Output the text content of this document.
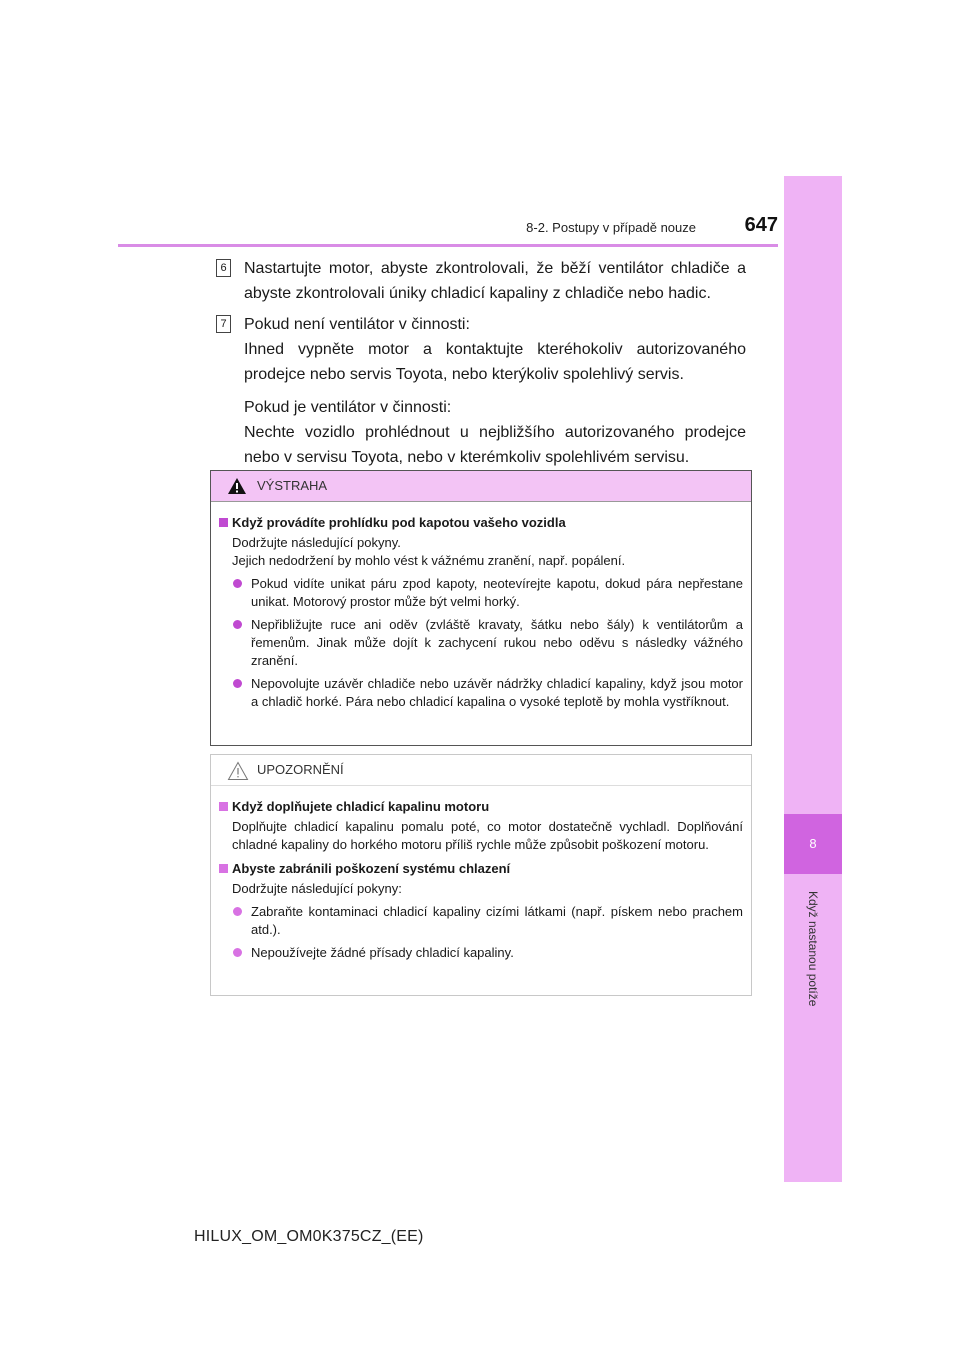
8-2. Postupy v případě nouze 647
8
Když nastanou potíže
6 Nastartujte motor, abyste zkontrolovali, že běží ventilátor chladiče a abyste zkontrolovali úniky chladicí kapaliny z chladiče nebo hadic.

7 Pokud není ventilátor v činnosti:

Ihned vypněte motor a kontaktujte kteréhokoliv autorizovaného prodejce nebo servis Toyota, nebo kterýkoliv spolehlivý servis.

Pokud je ventilátor v činnosti:

Nechte vozidlo prohlédnout u nejbližšího autorizovaného prodejce nebo v servisu Toyota, nebo v kterémkoliv spolehlivém servisu.

VÝSTRAHA
Když provádíte prohlídku pod kapotou vašeho vozidla
Dodržujte následující pokyny.
Jejich nedodržení by mohlo vést k vážnému zranění, např. popálení.
Pokud vidíte unikat páru zpod kapoty, neotevírejte kapotu, dokud pára nepřestane unikat. Motorový prostor může být velmi horký.
Nepřibližujte ruce ani oděv (zvláště kravaty, šátku nebo šály) k ventilátorům a řemenům. Jinak může dojít k zachycení rukou nebo oděvu s následky vážného zranění.
Nepovolujte uzávěr chladiče nebo uzávěr nádržky chladicí kapaliny, když jsou motor a chladič horké. Pára nebo chladicí kapalina o vysoké teplotě by mohla vystříknout.
UPOZORNĚNÍ
Když doplňujete chladicí kapalinu motoru
Doplňujte chladicí kapalinu pomalu poté, co motor dostatečně vychladl. Doplňování chladné kapaliny do horkého motoru příliš rychle může způsobit poškození motoru.
Abyste zabránili poškození systému chlazení
Dodržujte následující pokyny:
Zabraňte kontaminaci chladicí kapaliny cizími látkami (např. pískem nebo prachem atd.).
Nepoužívejte žádné přísady chladicí kapaliny.
HILUX_OM_OM0K375CZ_(EE)
